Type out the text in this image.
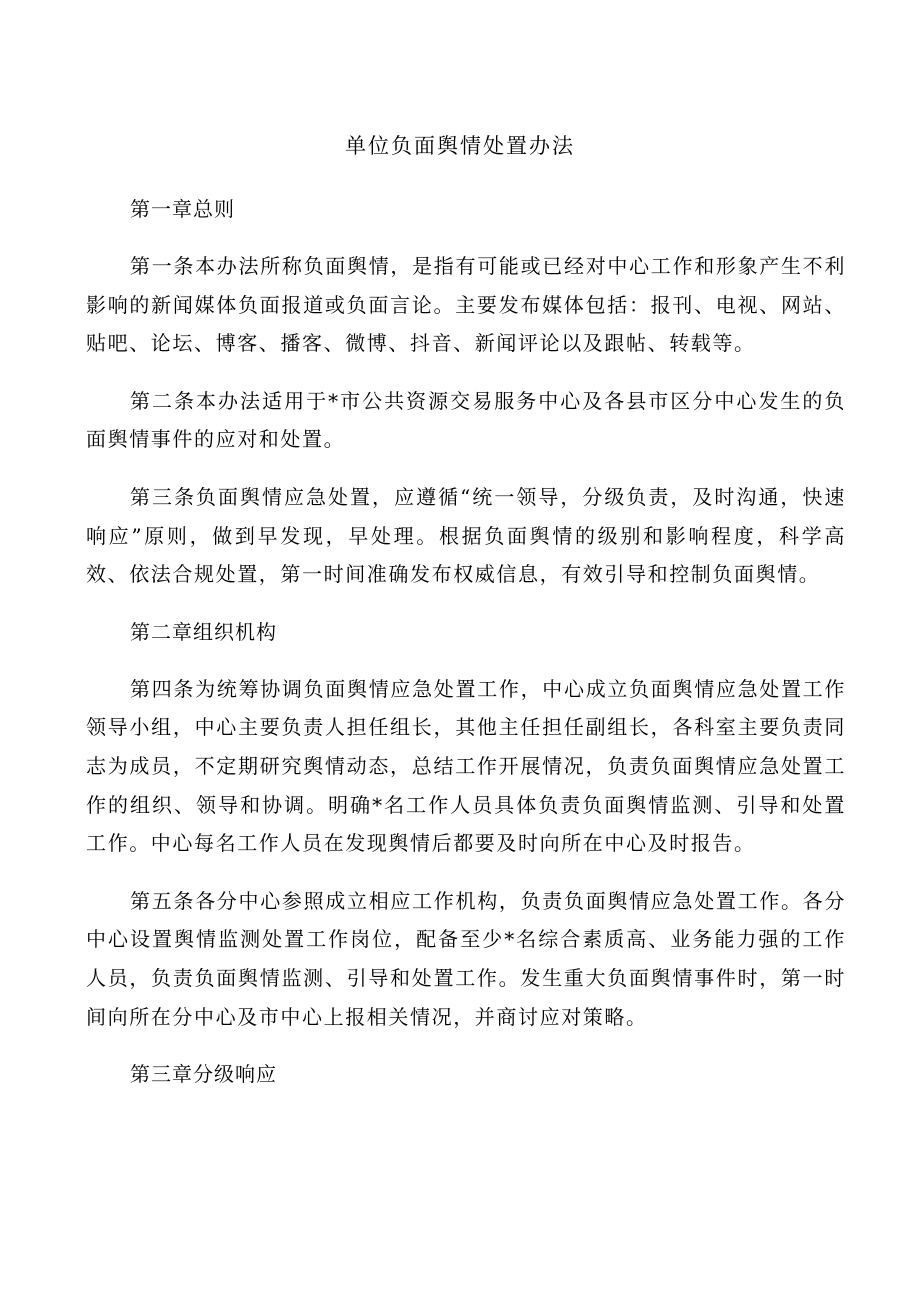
单位负面舆情处置办法

第一章总则

第一条本办法所称负面舆情，是指有可能或已经对中心工作和形象产生不利影响的新闻媒体负面报道或负面言论。主要发布媒体包括：报刊、电视、网站、贴吧、论坛、博客、播客、微博、抖音、新闻评论以及跟帖、转载等。

第二条本办法适用于*市公共资源交易服务中心及各县市区分中心发生的负面舆情事件的应对和处置。

第三条负面舆情应急处置，应遵循“统一领导，分级负责，及时沟通，快速响应”原则，做到早发现，早处理。根据负面舆情的级别和影响程度，科学高效、依法合规处置，第一时间准确发布权威信息，有效引导和控制负面舆情。

第二章组织机构

第四条为统筹协调负面舆情应急处置工作，中心成立负面舆情应急处置工作领导小组，中心主要负责人担任组长，其他主任担任副组长，各科室主要负责同志为成员，不定期研究舆情动态，总结工作开展情况，负责负面舆情应急处置工作的组织、领导和协调。明确*名工作人员具体负责负面舆情监测、引导和处置工作。中心每名工作人员在发现舆情后都要及时向所在中心及时报告。

第五条各分中心参照成立相应工作机构，负责负面舆情应急处置工作。各分中心设置舆情监测处置工作岗位，配备至少*名综合素质高、业务能力强的工作人员，负责负面舆情监测、引导和处置工作。发生重大负面舆情事件时，第一时间向所在分中心及市中心上报相关情况，并商讨应对策略。

第三章分级响应
